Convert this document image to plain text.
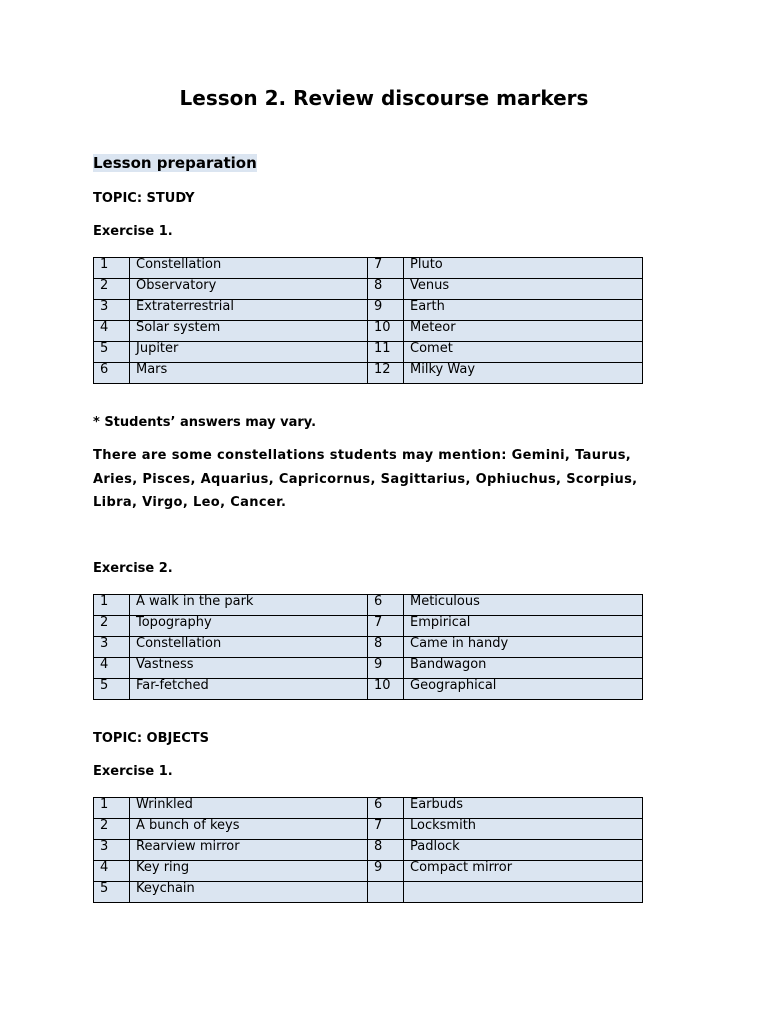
Lesson 2. Review discourse markers
Lesson preparation
TOPIC: STUDY
Exercise 1.
1	Constellation	7	Pluto
2	Observatory	8	Venus
3	Extraterrestrial	9	Earth
4	Solar system	10	Meteor
5	Jupiter	11	Comet
6	Mars	12	Milky Way
* Students’ answers may vary.
There are some constellations students may mention: Gemini, Taurus, Aries, Pisces, Aquarius, Capricornus, Sagittarius, Ophiuchus, Scorpius, Libra, Virgo, Leo, Cancer.
Exercise 2.
1	A walk in the park	6	Meticulous
2	Topography	7	Empirical
3	Constellation	8	Came in handy
4	Vastness	9	Bandwagon
5	Far-fetched	10	Geographical
TOPIC: OBJECTS
Exercise 1.
1	Wrinkled	6	Earbuds
2	A bunch of keys	7	Locksmith
3	Rearview mirror	8	Padlock
4	Key ring	9	Compact mirror
5	Keychain		
